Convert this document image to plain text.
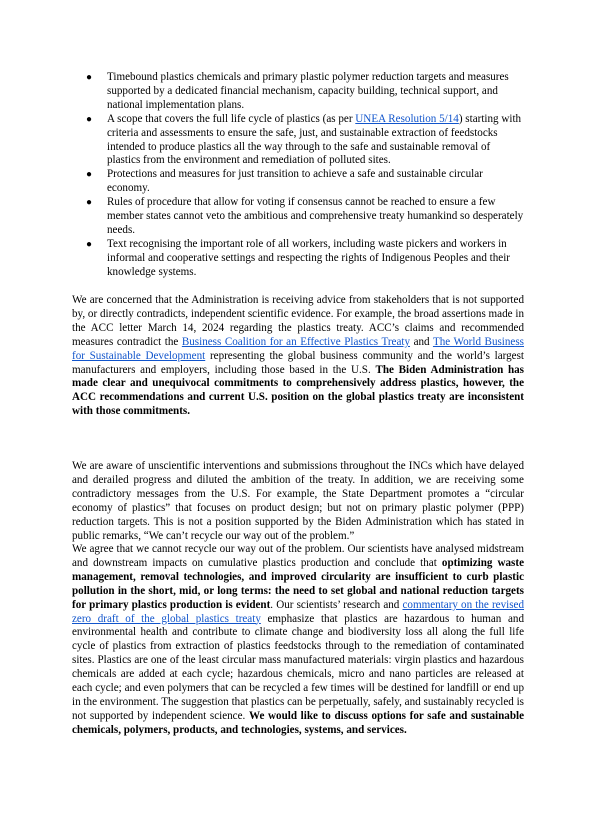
● Timebound plastics chemicals and primary plastic polymer reduction targets and measures supported by a dedicated financial mechanism, capacity building, technical support, and national implementation plans.
● A scope that covers the full life cycle of plastics (as per UNEA Resolution 5/14) starting with criteria and assessments to ensure the safe, just, and sustainable extraction of feedstocks intended to produce plastics all the way through to the safe and sustainable removal of plastics from the environment and remediation of polluted sites.
● Protections and measures for just transition to achieve a safe and sustainable circular economy.
● Rules of procedure that allow for voting if consensus cannot be reached to ensure a few member states cannot veto the ambitious and comprehensive treaty humankind so desperately needs.
● Text recognising the important role of all workers, including waste pickers and workers in informal and cooperative settings and respecting the rights of Indigenous Peoples and their knowledge systems.

We are concerned that the Administration is receiving advice from stakeholders that is not supported by, or directly contradicts, independent scientific evidence. For example, the broad assertions made in the ACC letter March 14, 2024 regarding the plastics treaty. ACC’s claims and recommended measures contradict the Business Coalition for an Effective Plastics Treaty and The World Business for Sustainable Development representing the global business community and the world’s largest manufacturers and employers, including those based in the U.S. The Biden Administration has made clear and unequivocal commitments to comprehensively address plastics, however, the ACC recommendations and current U.S. position on the global plastics treaty are inconsistent with those commitments.

We are aware of unscientific interventions and submissions throughout the INCs which have delayed and derailed progress and diluted the ambition of the treaty. In addition, we are receiving some contradictory messages from the U.S. For example, the State Department promotes a “circular economy of plastics” that focuses on product design; but not on primary plastic polymer (PPP) reduction targets. This is not a position supported by the Biden Administration which has stated in public remarks, “We can’t recycle our way out of the problem.”

We agree that we cannot recycle our way out of the problem. Our scientists have analysed midstream and downstream impacts on cumulative plastics production and conclude that optimizing waste management, removal technologies, and improved circularity are insufficient to curb plastic pollution in the short, mid, or long terms: the need to set global and national reduction targets for primary plastics production is evident. Our scientists’ research and commentary on the revised zero draft of the global plastics treaty emphasize that plastics are hazardous to human and environmental health and contribute to climate change and biodiversity loss all along the full life cycle of plastics from extraction of plastics feedstocks through to the remediation of contaminated sites. Plastics are one of the least circular mass manufactured materials: virgin plastics and hazardous chemicals are added at each cycle; hazardous chemicals, micro and nano particles are released at each cycle; and even polymers that can be recycled a few times will be destined for landfill or end up in the environment. The suggestion that plastics can be perpetually, safely, and sustainably recycled is not supported by independent science. We would like to discuss options for safe and sustainable chemicals, polymers, products, and technologies, systems, and services.
